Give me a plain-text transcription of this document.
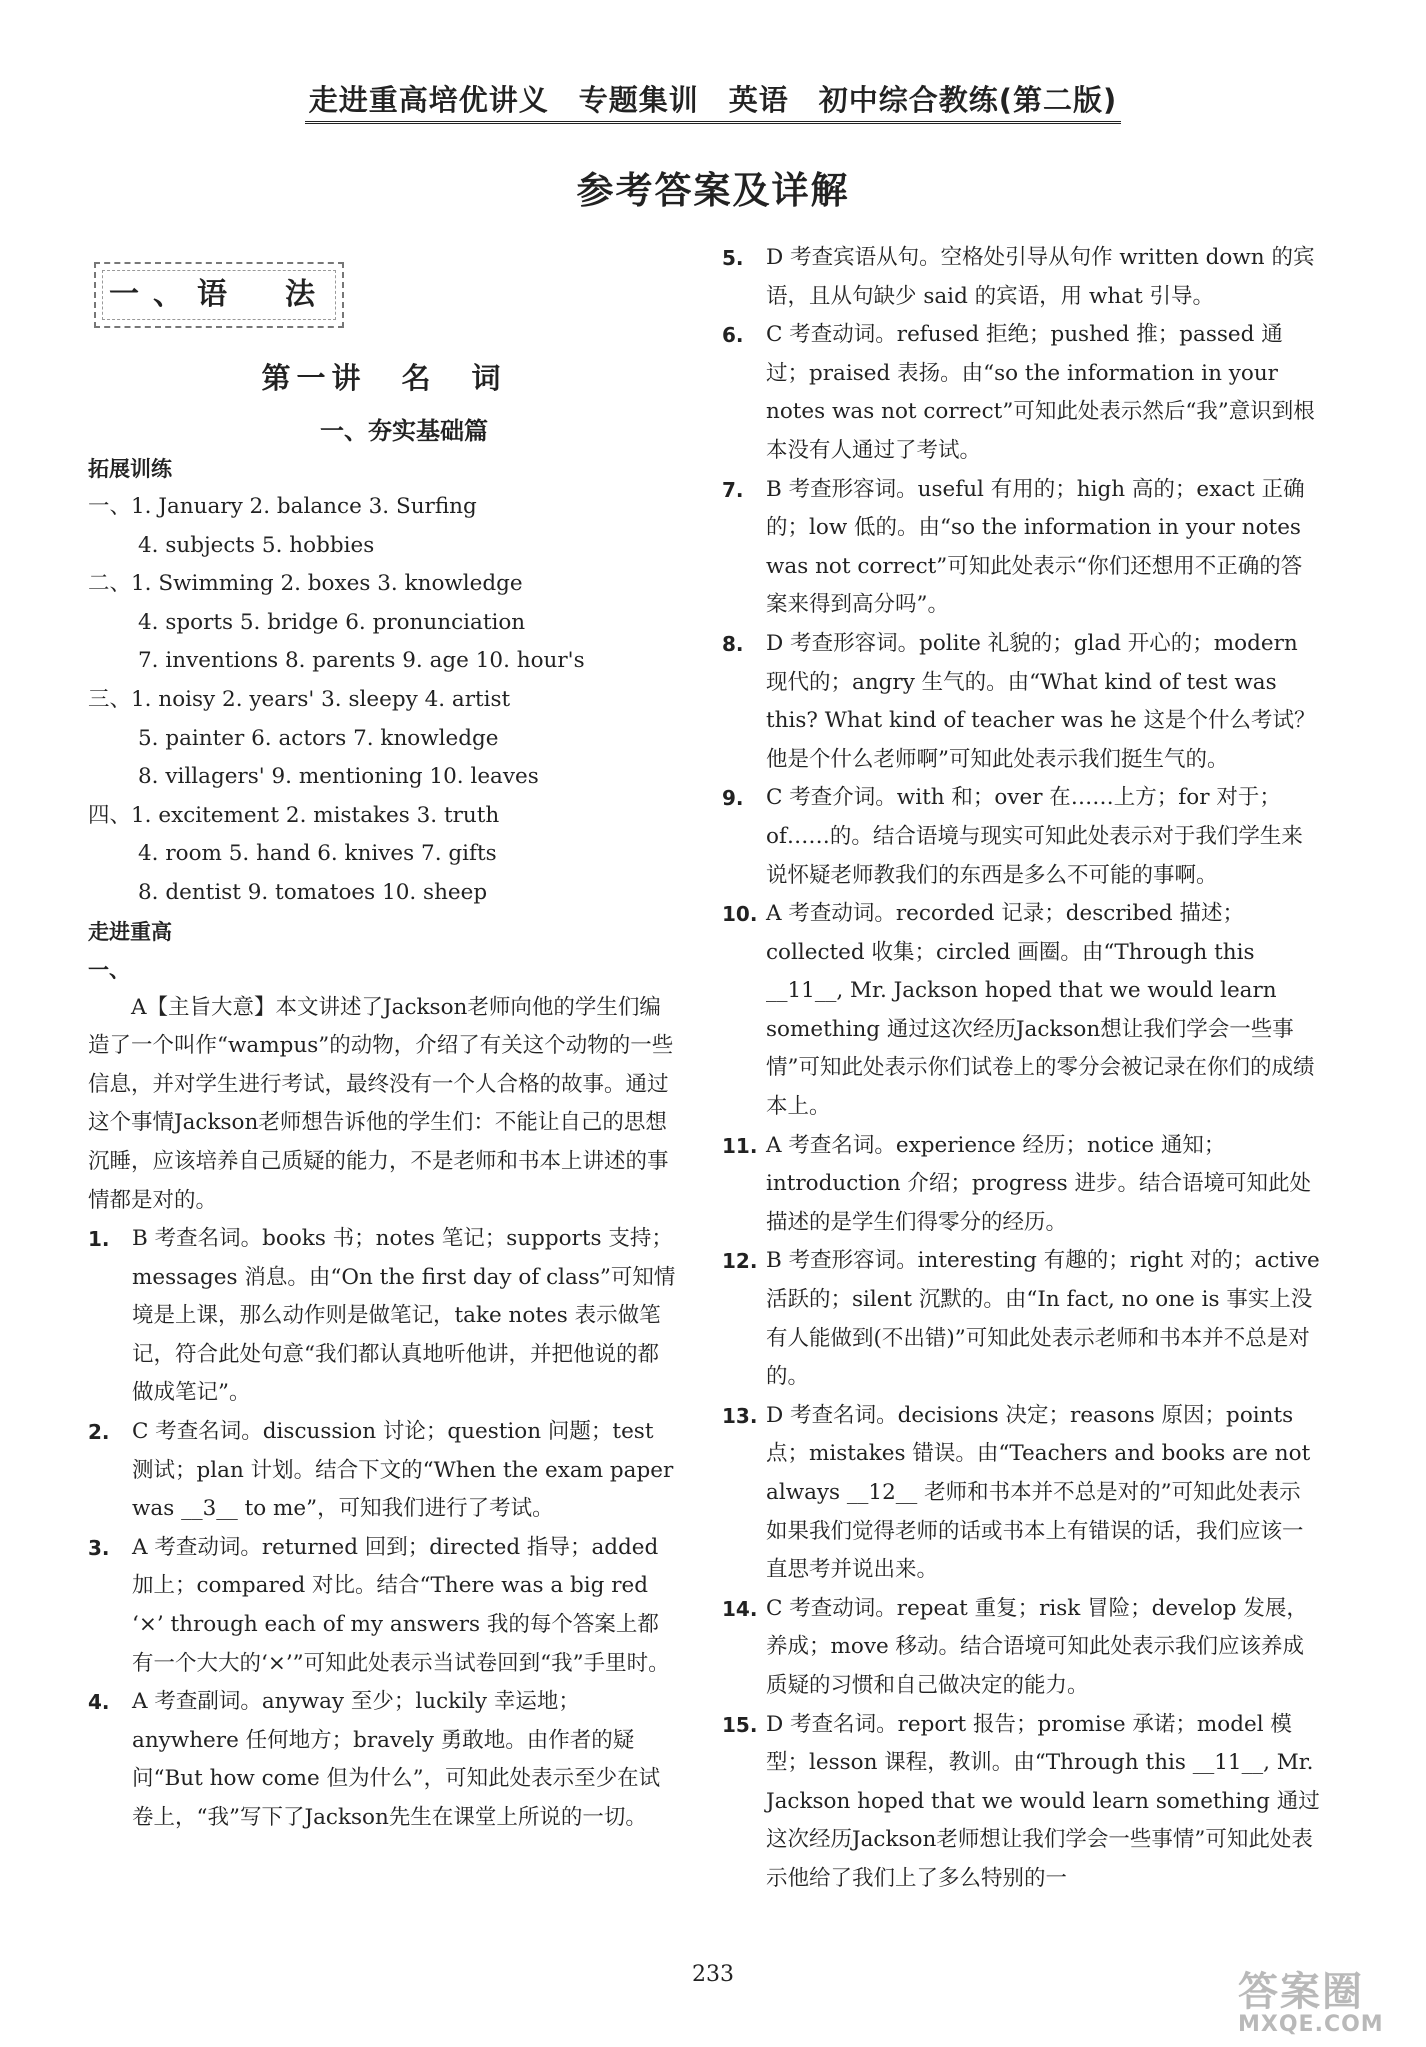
走进重高培优讲义　专题集训　英语　初中综合教练(第二版)
参考答案及详解
一、语　法
第一讲　名　词
一、夯实基础篇
拓展训练
一、1. January 2. balance 3. Surfing
4. subjects 5. hobbies
二、1. Swimming 2. boxes 3. knowledge
4. sports 5. bridge 6. pronunciation
7. inventions 8. parents 9. age 10. hour's
三、1. noisy 2. years' 3. sleepy 4. artist
5. painter 6. actors 7. knowledge
8. villagers' 9. mentioning 10. leaves
四、1. excitement 2. mistakes 3. truth
4. room 5. hand 6. knives 7. gifts
8. dentist 9. tomatoes 10. sheep
走进重高
一、
A【主旨大意】本文讲述了Jackson老师向他的学生们编造了一个叫作“wampus”的动物，介绍了有关这个动物的一些信息，并对学生进行考试，最终没有一个人合格的故事。通过这个事情Jackson老师想告诉他的学生们：不能让自己的思想沉睡，应该培养自己质疑的能力，不是老师和书本上讲述的事情都是对的。
1. B 考查名词。books 书；notes 笔记；supports 支持；messages 消息。由“On the first day of class”可知情境是上课，那么动作则是做笔记，take notes 表示做笔记，符合此处句意“我们都认真地听他讲，并把他说的都做成笔记”。
2. C 考查名词。discussion 讨论；question 问题；test 测试；plan 计划。结合下文的“When the exam paper was __3__ to me”，可知我们进行了考试。
3. A 考查动词。returned 回到；directed 指导；added 加上；compared 对比。结合“There was a big red ‘×’ through each of my answers 我的每个答案上都有一个大大的‘×’”可知此处表示当试卷回到“我”手里时。
4. A 考查副词。anyway 至少；luckily 幸运地；anywhere 任何地方；bravely 勇敢地。由作者的疑问“But how come 但为什么”，可知此处表示至少在试卷上，“我”写下了Jackson先生在课堂上所说的一切。
5. D 考查宾语从句。空格处引导从句作 written down 的宾语，且从句缺少 said 的宾语，用 what 引导。
6. C 考查动词。refused 拒绝；pushed 推；passed 通过；praised 表扬。由“so the information in your notes was not correct”可知此处表示然后“我”意识到根本没有人通过了考试。
7. B 考查形容词。useful 有用的；high 高的；exact 正确的；low 低的。由“so the information in your notes was not correct”可知此处表示“你们还想用不正确的答案来得到高分吗”。
8. D 考查形容词。polite 礼貌的；glad 开心的；modern 现代的；angry 生气的。由“What kind of test was this? What kind of teacher was he 这是个什么考试？他是个什么老师啊”可知此处表示我们挺生气的。
9. C 考查介词。with 和；over 在……上方；for 对于；of……的。结合语境与现实可知此处表示对于我们学生来说怀疑老师教我们的东西是多么不可能的事啊。
10. A 考查动词。recorded 记录；described 描述；collected 收集；circled 画圈。由“Through this __11__, Mr. Jackson hoped that we would learn something 通过这次经历Jackson想让我们学会一些事情”可知此处表示你们试卷上的零分会被记录在你们的成绩本上。
11. A 考查名词。experience 经历；notice 通知；introduction 介绍；progress 进步。结合语境可知此处描述的是学生们得零分的经历。
12. B 考查形容词。interesting 有趣的；right 对的；active 活跃的；silent 沉默的。由“In fact, no one is 事实上没有人能做到(不出错)”可知此处表示老师和书本并不总是对的。
13. D 考查名词。decisions 决定；reasons 原因；points 点；mistakes 错误。由“Teachers and books are not always __12__ 老师和书本并不总是对的”可知此处表示如果我们觉得老师的话或书本上有错误的话，我们应该一直思考并说出来。
14. C 考查动词。repeat 重复；risk 冒险；develop 发展，养成；move 移动。结合语境可知此处表示我们应该养成质疑的习惯和自己做决定的能力。
15. D 考查名词。report 报告；promise 承诺；model 模型；lesson 课程，教训。由“Through this __11__, Mr. Jackson hoped that we would learn something 通过这次经历Jackson老师想让我们学会一些事情”可知此处表示他给了我们上了多么特别的一
233	答案圈
MXQE.COM
